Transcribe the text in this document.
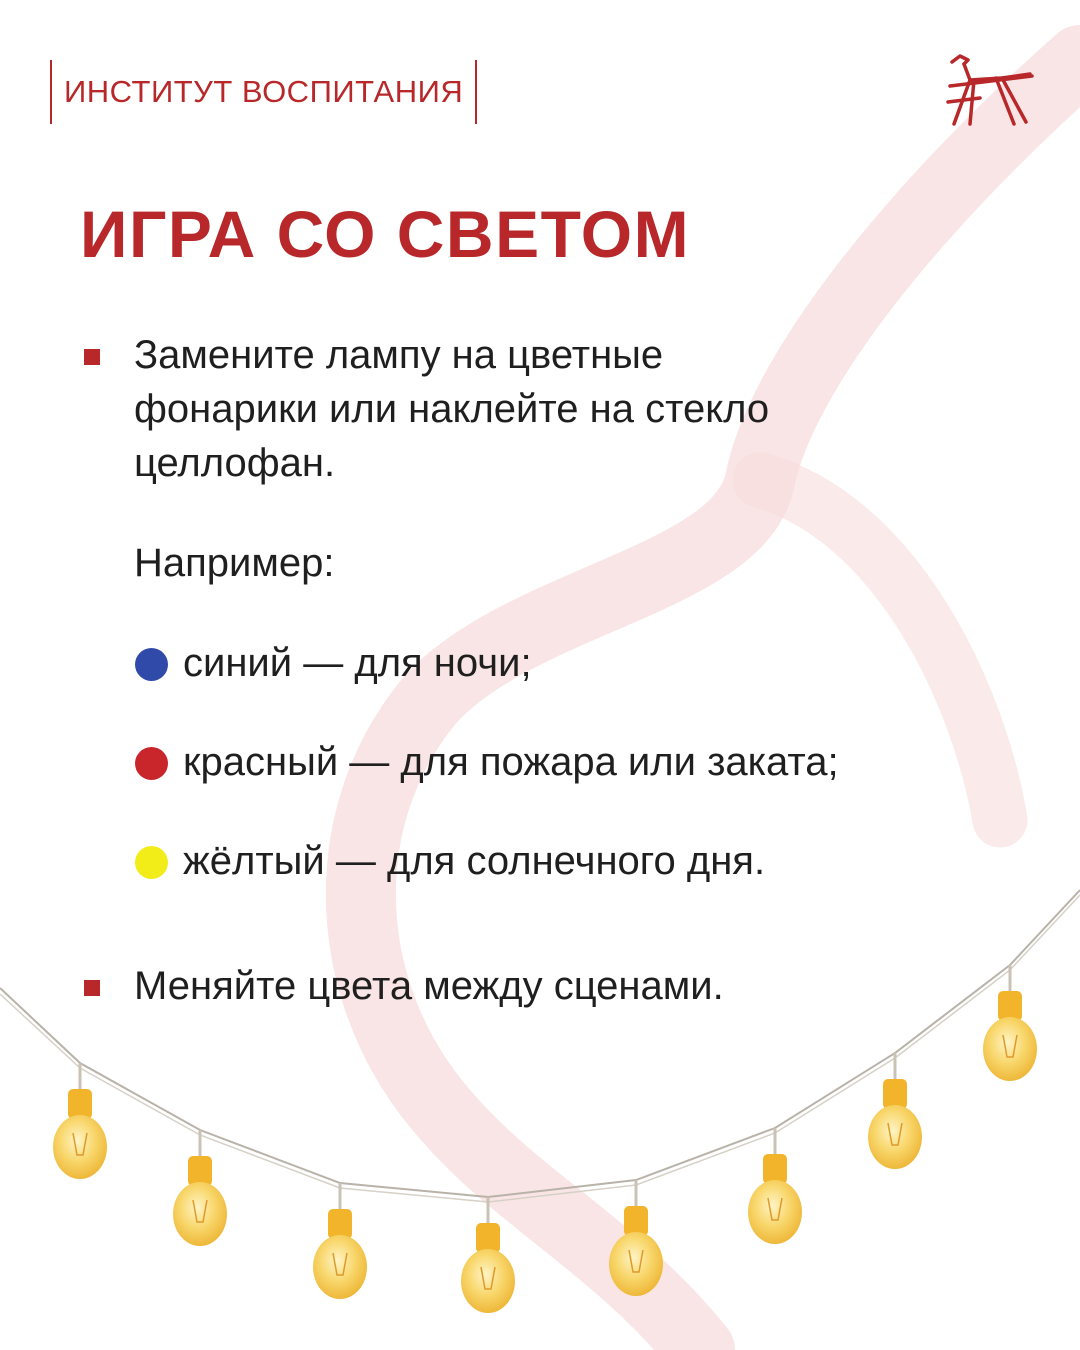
ИНСТИТУТ ВОСПИТАНИЯ
ИГРА СО СВЕТОМ
Замените лампу на цветные
фонарики или наклейте на стекло
целлофан.
Например:
синий — для ночи;
красный — для пожара или заката;
жёлтый — для солнечного дня.
Меняйте цвета между сценами.
